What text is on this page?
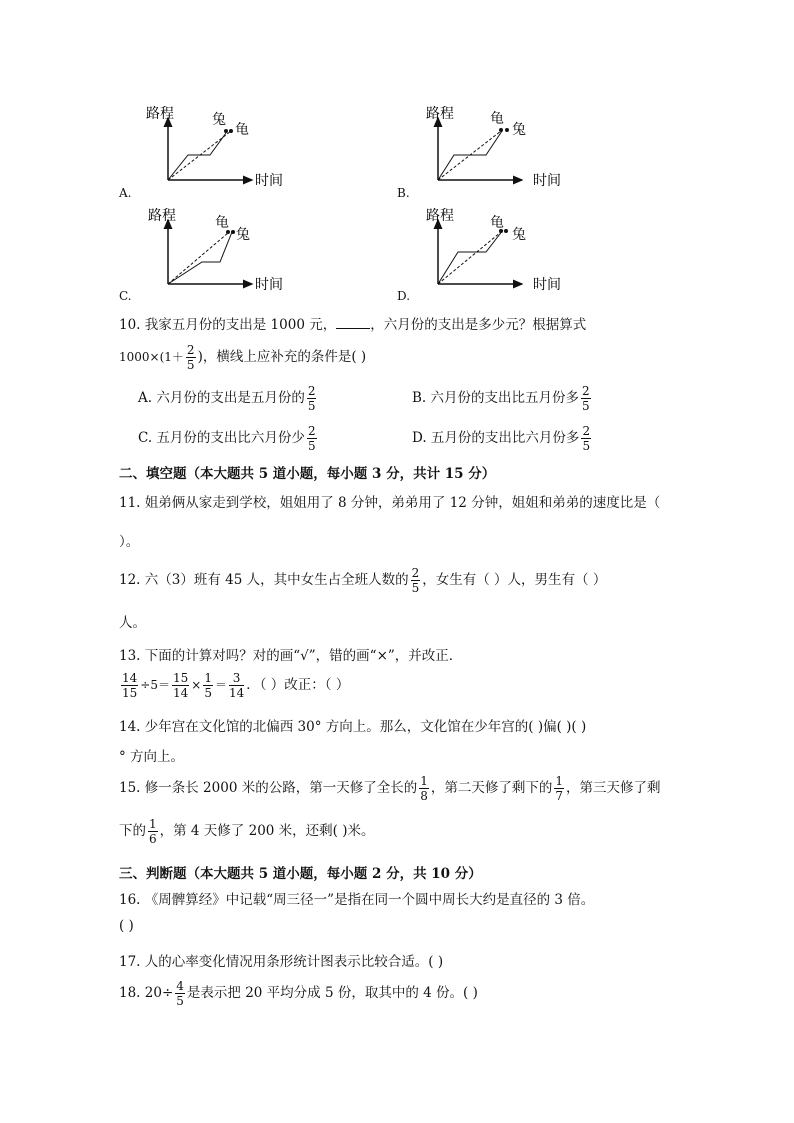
路程
时间
兔
龟
A.
路程
时间
龟
兔
B.
路程
时间
龟
兔
C.
路程
时间
龟
兔
D.
10. 我家五月份的支出是 1000 元，	，六月份的支出是多少元？根据算式
$1000\times(1+ \frac{2}{5}$ )，横线上应补充的条件是( )
A. 六月份的支出是五月份的 $\frac{2}{5}$	B. 六月份的支出比五月份多 $\frac{2}{5}$
C. 五月份的支出比六月份少 $\frac{2}{5}$	D. 五月份的支出比六月份多 $\frac{2}{5}$
二、填空题（本大题共 5 道小题，每小题 3 分，共计 15 分）
11. 姐弟俩从家走到学校，姐姐用了 8 分钟，弟弟用了 12 分钟，姐姐和弟弟的速度比是（
）。
12. 六（3）班有 45 人，其中女生占全班人数的 $\frac{2}{5}$ ，女生有（ ）人，男生有（ ）
人。
13. 下面的计算对吗？对的画“√”，错的画“×”，并改正．
$\frac{14}{15} \div 5= \frac{15}{14} \times \frac{1}{5} = \frac{3}{14}$ ．（ ）改正：（ ）
14. 少年宫在文化馆的北偏西 30° 方向上。那么，文化馆在少年宫的( )偏( )( )
° 方向上。
15. 修一条长 2000 米的公路，第一天修了全长的 $\frac{1}{8}$ ，第二天修了剩下的 $\frac{1}{7}$ ，第三天修了剩
下的 $\frac{1}{6}$ ，第 4 天修了 200 米，还剩( )米。
三、判断题（本大题共 5 道小题，每小题 2 分，共 10 分）
16. 《周髀算经》中记载“周三径一”是指在同一个圆中周长大约是直径的 3 倍。
( )
17. 人的心率变化情况用条形统计图表示比较合适。( )
18. $20\div \frac{4}{5}$ 是表示把 20 平均分成 5 份，取其中的 4 份。( )
